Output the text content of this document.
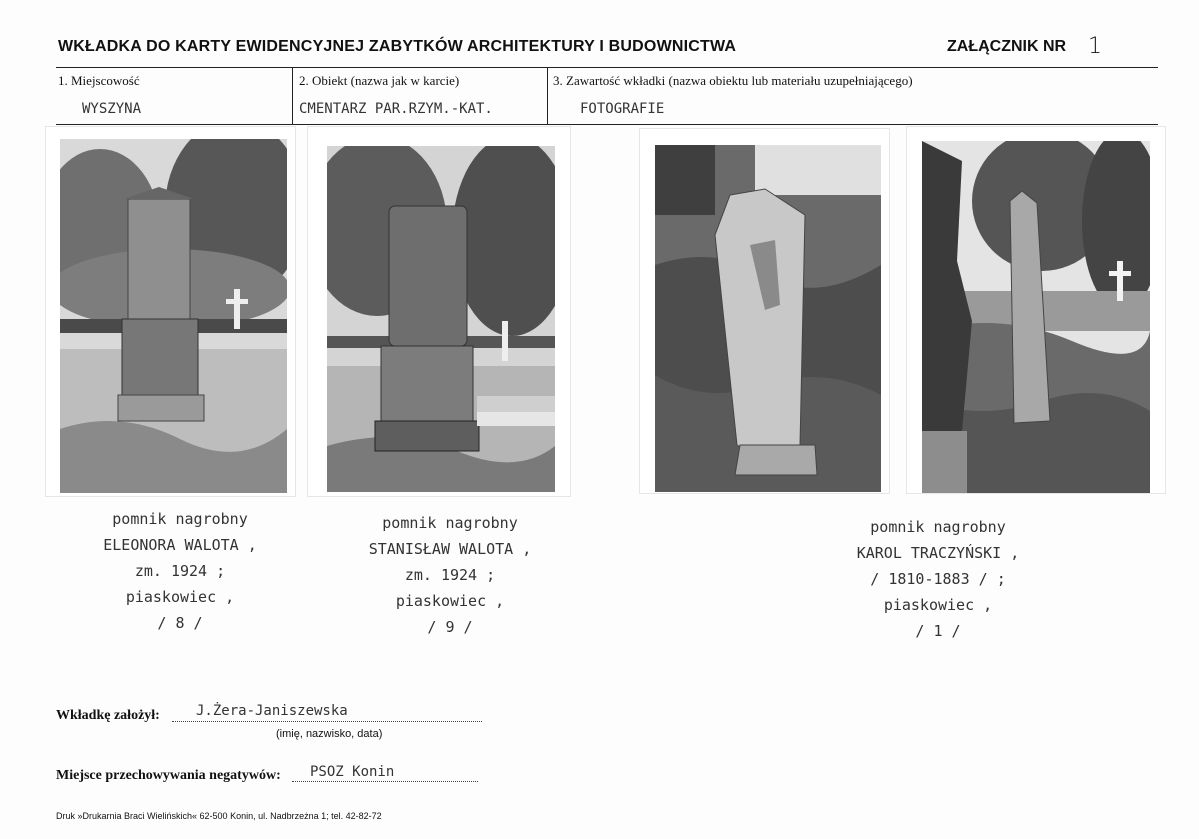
WKŁADKA DO KARTY EWIDENCYJNEJ ZABYTKÓW ARCHITEKTURY I BUDOWNICTWA	ZAŁĄCZNIK NR 1
1. Miejscowość	2. Obiekt (nazwa jak w karcie)	3. Zawartość wkładki (nazwa obiektu lub materiału uzupełniającego)
WYSZYNA	CMENTARZ PAR.RZYM.-KAT.	FOTOGRAFIE
pomnik nagrobny
ELEONORA WALOTA ,
zm. 1924 ;
piaskowiec ,
/ 8 /
pomnik nagrobny
STANISŁAW WALOTA ,
zm. 1924 ;
piaskowiec ,
/ 9 /
pomnik nagrobny
KAROL TRACZYŃSKI ,
/ 1810-1883 / ;
piaskowiec ,
/ 1 /
Wkładkę założył:	J.Żera-Janiszewska
(imię, nazwisko, data)
Miejsce przechowywania negatywów: PSOZ Konin
Druk »Drukarnia Braci Wielińskich« 62-500 Konin, ul. Nadbrzeżna 1; tel. 42-82-72
